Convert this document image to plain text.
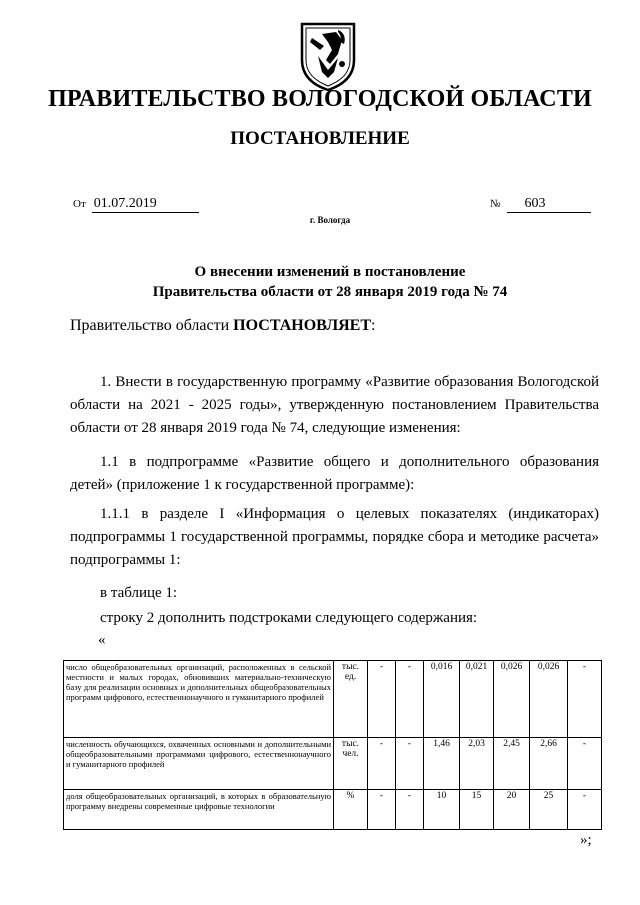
ПРАВИТЕЛЬСТВО ВОЛОГОДСКОЙ ОБЛАСТИ
ПОСТАНОВЛЕНИЕ
От 01.07.2019	№ 603
г. Вологда
О внесении изменений в постановление
Правительства области от 28 января 2019 года № 74
Правительство области ПОСТАНОВЛЯЕТ:
1. Внести в государственную программу «Развитие образования Вологодской области на 2021 - 2025 годы», утвержденную постановлением Правительства области от 28 января 2019 года № 74, следующие изменения:
1.1 в подпрограмме «Развитие общего и дополнительного образования детей» (приложение 1 к государственной программе):
1.1.1 в разделе I «Информация о целевых показателях (индикаторах) подпрограммы 1 государственной программы, порядке сбора и методике расчета» подпрограммы 1:
в таблице 1:
строку 2 дополнить подстроками следующего содержания:
«
число общеобразовательных организаций, расположенных в сельской местности и малых городах, обновивших материально-техническую базу для реализации основных и дополнительных общеобразовательных программ цифрового, естественнонаучного и гуманитарного профилей	тыс. ед.	-	-	0,016	0,021	0,026	0,026	-
численность обучающихся, охваченных основными и дополнительными общеобразовательными программами цифрового, естественнонаучного и гуманитарного профилей	тыс. чел.	-	-	1,46	2,03	2,45	2,66	-
доля общеобразовательных организаций, в которых в образовательную программу внедрены современные цифровые технологии	%	-	-	10	15	20	25	-
»;
